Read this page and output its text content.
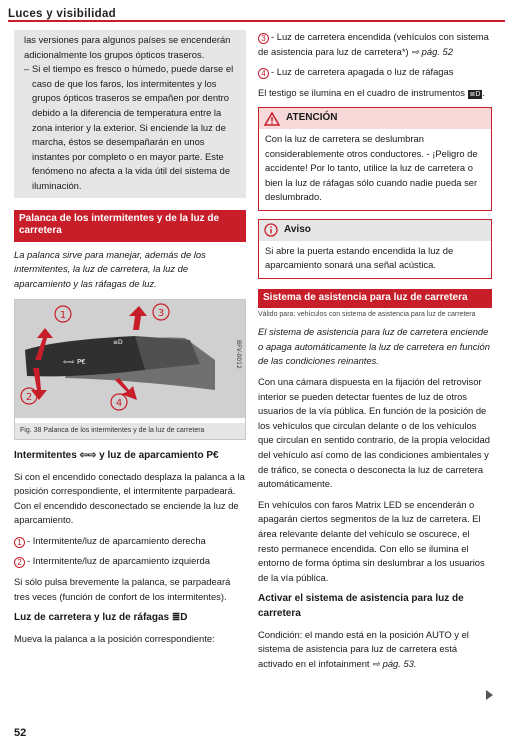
Luces y visibilidad
las versiones para algunos países se encenderán adicionalmente los grupos ópticos traseros.
– Si el tiempo es fresco o húmedo, puede darse el caso de que los faros, los intermitentes y los grupos ópticos traseros se empañen por dentro debido a la diferencia de temperatura entre la zona interior y la exterior. Si enciende la luz de marcha, éstos se desempañarán en unos instantes por completo o en mayor parte. Este fenómeno no afecta a la vida útil del sistema de iluminación.
Palanca de los intermitentes y de la luz de carretera
La palanca sirve para manejar, además de los intermitentes, la luz de carretera, la luz de aparcamiento y las ráfagas de luz.
⇦⇨ P€
≡D
1
2
3
4
BFV-0012
Fig. 38 Palanca de los intermitentes y de la luz de carretera
Intermitentes ⇦⇨ y luz de aparcamiento P€
Si con el encendido conectado desplaza la palanca a la posición correspondiente, el intermitente parpadeará. Con el encendido desconectado se enciende la luz de aparcamiento.
1 - Intermitente/luz de aparcamiento derecha
2 - Intermitente/luz de aparcamiento izquierda
Si sólo pulsa brevemente la palanca, se parpadeará tres veces (función de confort de los intermitentes).
Luz de carretera y luz de ráfagas ≣D
Mueva la palanca a la posición correspondiente:
3 - Luz de carretera encendida (vehículos con sistema de asistencia para luz de carretera*) ⇨ pág. 52
4 - Luz de carretera apagada o luz de ráfagas
El testigo se ilumina en el cuadro de instrumentos ≣D .
ATENCIÓN
Con la luz de carretera se deslumbran considerablemente otros conductores. - ¡Peligro de accidente! Por lo tanto, utilice la luz de carretera o bien la luz de ráfagas sólo cuando nadie pueda ser deslumbrado.
Aviso
Si abre la puerta estando encendida la luz de aparcamiento sonará una señal acústica.
Sistema de asistencia para luz de carretera
Válido para: vehículos con sistema de asistencia para luz de carretera
El sistema de asistencia para luz de carretera enciende o apaga automáticamente la luz de carretera en función de las condiciones reinantes.
Con una cámara dispuesta en la fijación del retrovisor interior se pueden detectar fuentes de luz de otros usuarios de la vía pública. En función de la posición de los vehículos que circulan delante o de los vehículos que circulan en sentido contrario, de la propia velocidad del vehículo así como de las condiciones ambientales y de tráfico, se conecta o desconecta la luz de carretera automáticamente.
En vehículos con faros Matrix LED se encenderán o apagarán ciertos segmentos de la luz de carretera. El área relevante delante del vehículo se oscurece, el resto permanece encendida. Con ello se ilumina el entorno de forma óptima sin deslumbrar a los usuarios de la vía pública.
Activar el sistema de asistencia para luz de carretera
Condición: el mando está en la posición AUTO y el sistema de asistencia para luz de carretera está activado en el infotainment ⇨ pág. 53.
52
